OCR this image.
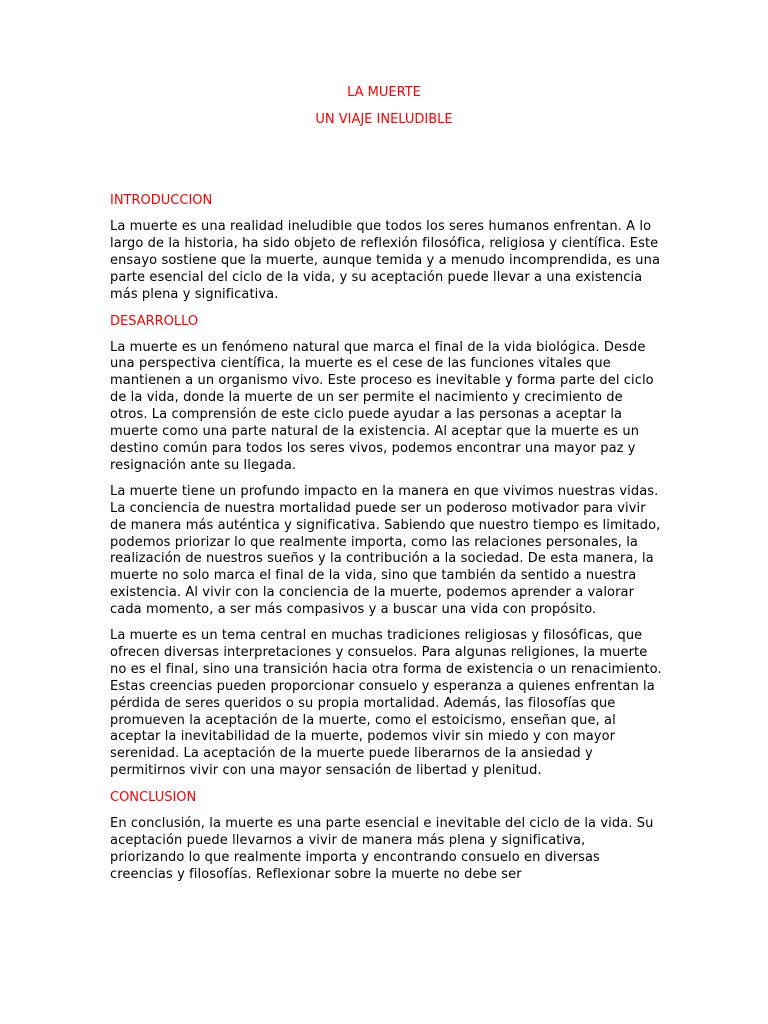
LA MUERTE
UN VIAJE INELUDIBLE
INTRODUCCION

La muerte es una realidad ineludible que todos los seres humanos enfrentan. A lo largo de la historia, ha sido objeto de reflexión filosófica, religiosa y científica. Este ensayo sostiene que la muerte, aunque temida y a menudo incomprendida, es una parte esencial del ciclo de la vida, y su aceptación puede llevar a una existencia más plena y significativa.

DESARROLLO

La muerte es un fenómeno natural que marca el final de la vida biológica. Desde una perspectiva científica, la muerte es el cese de las funciones vitales que mantienen a un organismo vivo. Este proceso es inevitable y forma parte del ciclo de la vida, donde la muerte de un ser permite el nacimiento y crecimiento de otros. La comprensión de este ciclo puede ayudar a las personas a aceptar la muerte como una parte natural de la existencia. Al aceptar que la muerte es un destino común para todos los seres vivos, podemos encontrar una mayor paz y resignación ante su llegada.

La muerte tiene un profundo impacto en la manera en que vivimos nuestras vidas. La conciencia de nuestra mortalidad puede ser un poderoso motivador para vivir de manera más auténtica y significativa. Sabiendo que nuestro tiempo es limitado, podemos priorizar lo que realmente importa, como las relaciones personales, la realización de nuestros sueños y la contribución a la sociedad. De esta manera, la muerte no solo marca el final de la vida, sino que también da sentido a nuestra existencia. Al vivir con la conciencia de la muerte, podemos aprender a valorar cada momento, a ser más compasivos y a buscar una vida con propósito.

La muerte es un tema central en muchas tradiciones religiosas y filosóficas, que ofrecen diversas interpretaciones y consuelos. Para algunas religiones, la muerte no es el final, sino una transición hacia otra forma de existencia o un renacimiento. Estas creencias pueden proporcionar consuelo y esperanza a quienes enfrentan la pérdida de seres queridos o su propia mortalidad. Además, las filosofías que promueven la aceptación de la muerte, como el estoicismo, enseñan que, al aceptar la inevitabilidad de la muerte, podemos vivir sin miedo y con mayor serenidad. La aceptación de la muerte puede liberarnos de la ansiedad y permitirnos vivir con una mayor sensación de libertad y plenitud.

CONCLUSION

En conclusión, la muerte es una parte esencial e inevitable del ciclo de la vida. Su aceptación puede llevarnos a vivir de manera más plena y significativa, priorizando lo que realmente importa y encontrando consuelo en diversas creencias y filosofías. Reflexionar sobre la muerte no debe ser
